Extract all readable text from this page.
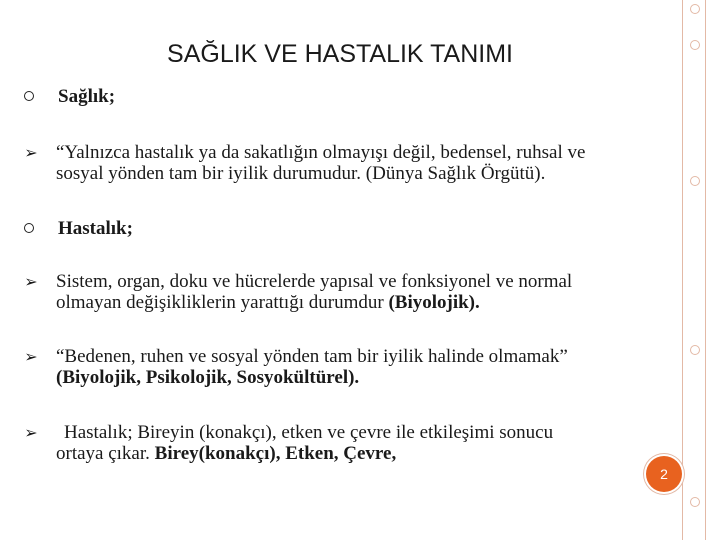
SAĞLIK VE HASTALIK TANIMI
Sağlık;
➢ “Yalnızca hastalık ya da sakatlığın olmayışı değil, bedensel, ruhsal ve
sosyal yönden tam bir iyilik durumudur. (Dünya Sağlık Örgütü).
Hastalık;
➢ Sistem, organ, doku ve hücrelerde yapısal ve fonksiyonel ve normal
olmayan değişikliklerin yarattığı durumdur (Biyolojik).
➢ “Bedenen, ruhen ve sosyal yönden tam bir iyilik halinde olmamak”
(Biyolojik, Psikolojik, Sosyokültürel).
➢	Hastalık; Bireyin (konakçı), etken ve çevre ile etkileşimi sonucu
ortaya çıkar. Birey(konakçı), Etken, Çevre,
2
